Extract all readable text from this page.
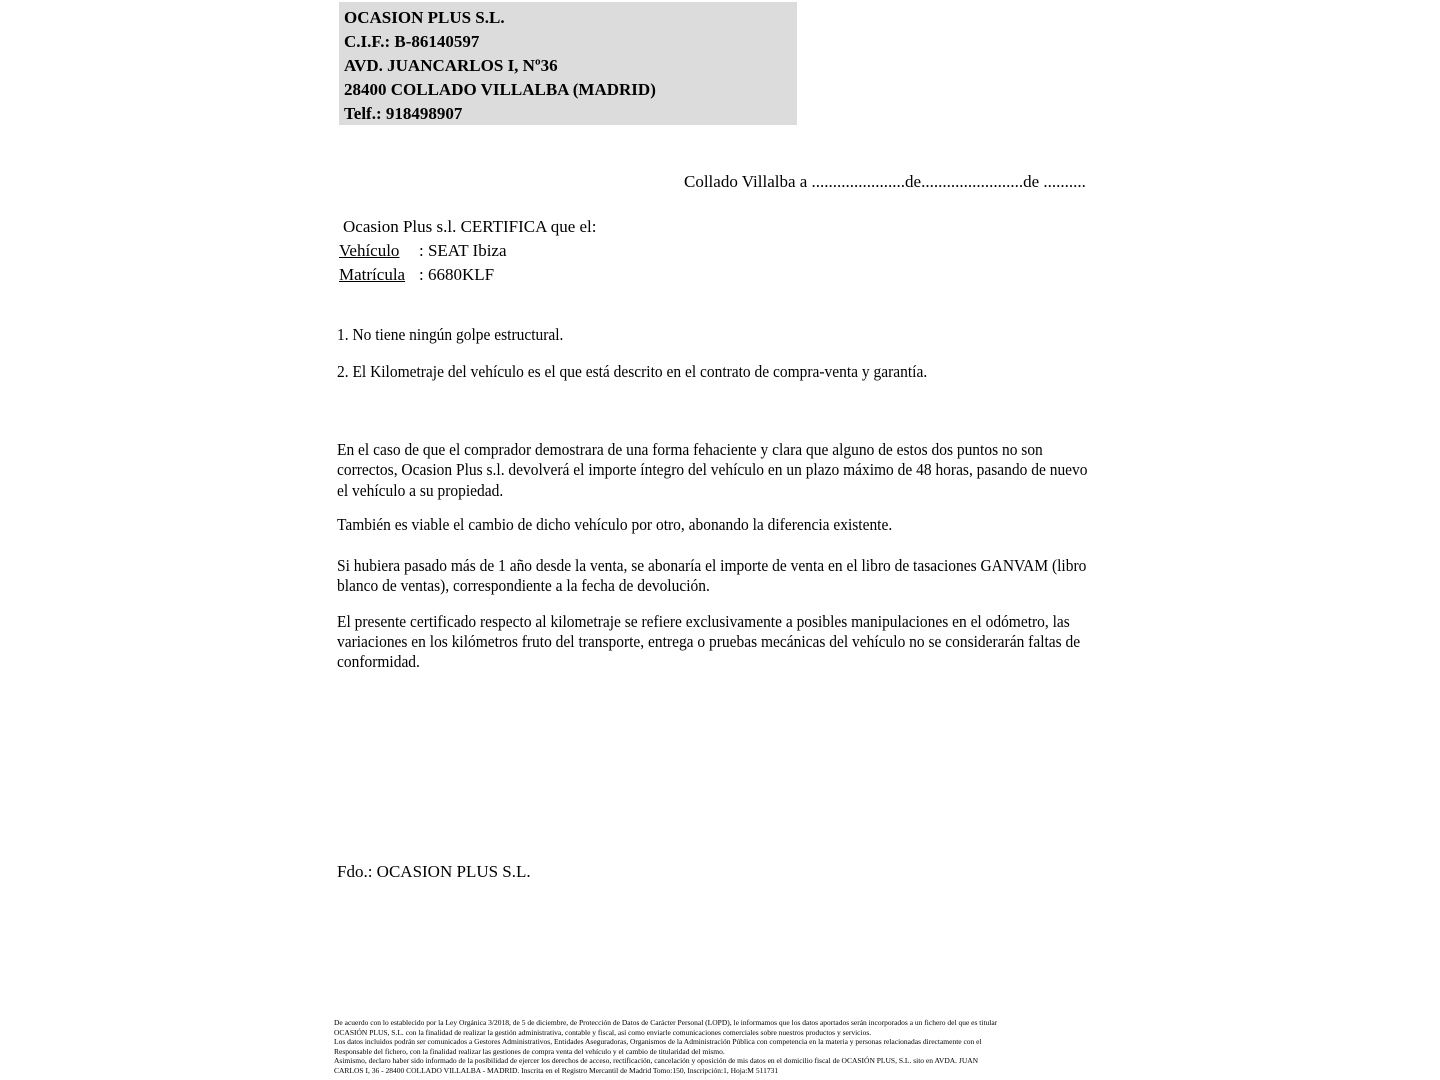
OCASION PLUS S.L.
C.I.F.: B-86140597
AVD. JUANCARLOS I, Nº36
28400 COLLADO VILLALBA (MADRID)
Telf.: 918498907
Collado Villalba a ......................de........................de ..........
Ocasion Plus s.l. CERTIFICA que el:
Vehículo : SEAT Ibiza
Matrícula : 6680KLF

1. No tiene ningún golpe estructural.

2. El Kilometraje del vehículo es el que está descrito en el contrato de compra-venta y garantía.

En el caso de que el comprador demostrara de una forma fehaciente y clara que alguno de estos dos puntos no son correctos, Ocasion Plus s.l. devolverá el importe íntegro del vehículo en un plazo máximo de 48 horas, pasando de nuevo el vehículo a su propiedad.

También es viable el cambio de dicho vehículo por otro, abonando la diferencia existente.

Si hubiera pasado más de 1 año desde la venta, se abonaría el importe de venta en el libro de tasaciones GANVAM (libro blanco de ventas), correspondiente a la fecha de devolución.

El presente certificado respecto al kilometraje se refiere exclusivamente a posibles manipulaciones en el odómetro, las variaciones en los kilómetros fruto del transporte, entrega o pruebas mecánicas del vehículo no se considerarán faltas de conformidad.

Fdo.: OCASION PLUS S.L.
De acuerdo con lo establecido por la Ley Orgánica 3/2018, de 5 de diciembre, de Protección de Datos de Carácter Personal (LOPD), le informamos que los datos aportados serán incorporados a un fichero del que es titular
OCASIÓN PLUS, S.L. con la finalidad de realizar la gestión administrativa, contable y fiscal, así como enviarle comunicaciones comerciales sobre nuestros productos y servicios.
Los datos incluidos podrán ser comunicados a Gestores Administrativos, Entidades Aseguradoras, Organismos de la Administración Pública con competencia en la materia y personas relacionadas directamente con el
Responsable del fichero, con la finalidad realizar las gestiones de compra venta del vehículo y el cambio de titularidad del mismo.
Asimismo, declaro haber sido informado de la posibilidad de ejercer los derechos de acceso, rectificación, cancelación y oposición de mis datos en el domicilio fiscal de OCASIÓN PLUS, S.L. sito en AVDA. JUAN
CARLOS I, 36 - 28400 COLLADO VILLALBA - MADRID. Inscrita en el Registro Mercantil de Madrid Tomo:150, Inscripción:1, Hoja:M 511731
